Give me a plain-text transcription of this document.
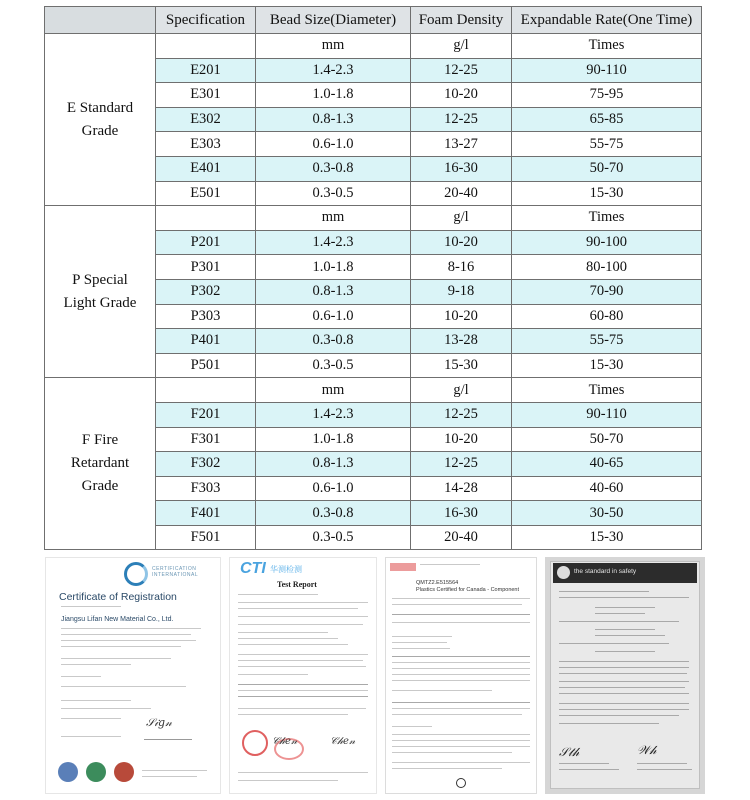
	Specification	Bead Size(Diameter)	Foam Density	Expandable Rate(One Time)

E Standard
Grade		mm	g/l	Times
	E201	1.4-2.3	12-25	90-110
	E301	1.0-1.8	10-20	75-95
	E302	0.8-1.3	12-25	65-85
	E303	0.6-1.0	13-27	55-75
	E401	0.3-0.8	16-30	50-70
	E501	0.3-0.5	20-40	15-30

P Special
Light Grade		mm	g/l	Times
	P201	1.4-2.3	10-20	90-100
	P301	1.0-1.8	8-16	80-100
	P302	0.8-1.3	9-18	70-90
	P303	0.6-1.0	10-20	60-80
	P401	0.3-0.8	13-28	55-75
	P501	0.3-0.5	15-30	15-30

F Fire
Retardant
Grade		mm	g/l	Times
	F201	1.4-2.3	12-25	90-110
	F301	1.0-1.8	10-20	50-70
	F302	0.8-1.3	12-25	40-65
	F303	0.6-1.0	14-28	40-60
	F401	0.3-0.8	16-30	30-50
	F501	0.3-0.5	20-40	15-30
CERTIFICATION INTERNATIONAL
Certificate of Registration
Jiangsu Lifan New Material Co., Ltd.
𝒮𝒾𝑔𝓃
CTI 华测检测
Test Report
𝒞𝒽𝑒𝓃	𝒞𝒽𝑒𝓃
QMTZ2.E515564
Plastics Certified for Canada - Component
the standard in safety
𝒮𝓉𝒽	𝒲𝒽
